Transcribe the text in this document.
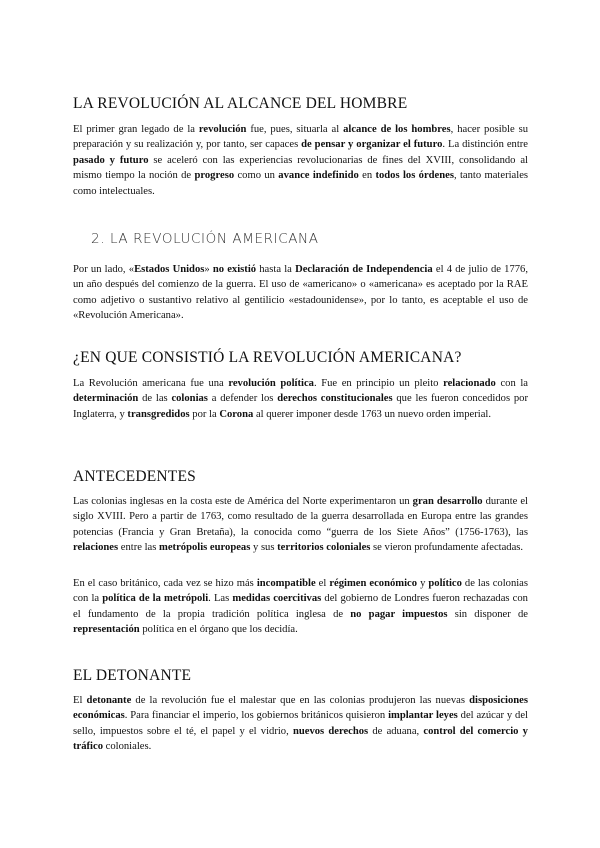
LA REVOLUCIÓN AL ALCANCE DEL HOMBRE

El primer gran legado de la revolución fue, pues, situarla al alcance de los hombres, hacer posible su preparación y su realización y, por tanto, ser capaces de pensar y organizar el futuro. La distinción entre pasado y futuro se aceleró con las experiencias revolucionarias de fines del XVIII, consolidando al mismo tiempo la noción de progreso como un avance indefinido en todos los órdenes, tanto materiales como intelectuales.

2. LA REVOLUCIÓN AMERICANA

Por un lado, «Estados Unidos» no existió hasta la Declaración de Independencia el 4 de julio de 1776, un año después del comienzo de la guerra. El uso de «americano» o «americana» es aceptado por la RAE como adjetivo o sustantivo relativo al gentilicio «estadounidense», por lo tanto, es aceptable el uso de «Revolución Americana».

¿EN QUE CONSISTIÓ LA REVOLUCIÓN AMERICANA?

La Revolución americana fue una revolución política. Fue en principio un pleito relacionado con la determinación de las colonias a defender los derechos constitucionales que les fueron concedidos por Inglaterra, y transgredidos por la Corona al querer imponer desde 1763 un nuevo orden imperial.

ANTECEDENTES

Las colonias inglesas en la costa este de América del Norte experimentaron un gran desarrollo durante el siglo XVIII. Pero a partir de 1763, como resultado de la guerra desarrollada en Europa entre las grandes potencias (Francia y Gran Bretaña), la conocida como “guerra de los Siete Años” (1756-1763), las relaciones entre las metrópolis europeas y sus territorios coloniales se vieron profundamente afectadas.

En el caso británico, cada vez se hizo más incompatible el régimen económico y político de las colonias con la política de la metrópoli. Las medidas coercitivas del gobierno de Londres fueron rechazadas con el fundamento de la propia tradición política inglesa de no pagar impuestos sin disponer de representación política en el órgano que los decidía.

EL DETONANTE

El detonante de la revolución fue el malestar que en las colonias produjeron las nuevas disposiciones económicas. Para financiar el imperio, los gobiernos británicos quisieron implantar leyes del azúcar y del sello, impuestos sobre el té, el papel y el vidrio, nuevos derechos de aduana, control del comercio y tráfico coloniales.
